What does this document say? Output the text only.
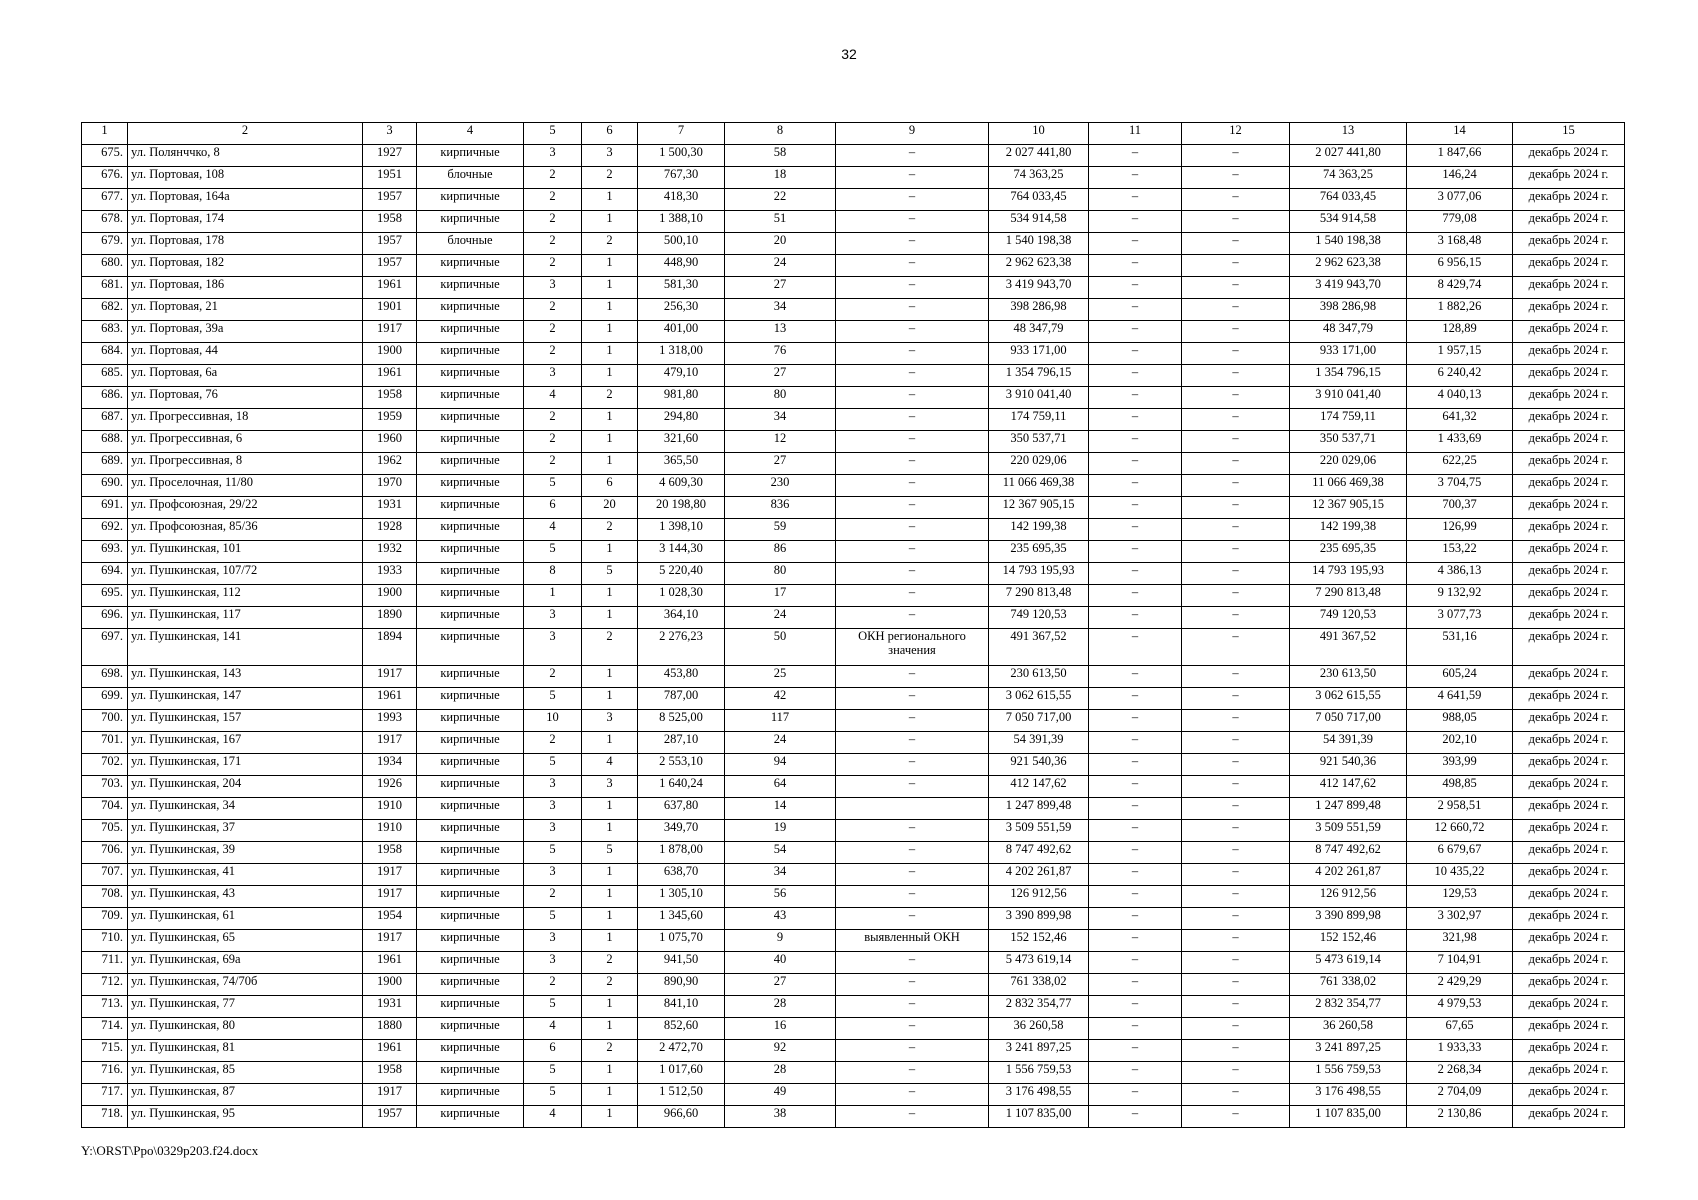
32
1	2	3	4	5	6	7	8	9	10	11	12	13	14	15
675.	ул. Полянччко, 8	1927	кирпичные	3	3	1 500,30	58	–	2 027 441,80	–	–	2 027 441,80	1 847,66	декабрь 2024 г.
676.	ул. Портовая, 108	1951	блочные	2	2	767,30	18	–	74 363,25	–	–	74 363,25	146,24	декабрь 2024 г.
677.	ул. Портовая, 164а	1957	кирпичные	2	1	418,30	22	–	764 033,45	–	–	764 033,45	3 077,06	декабрь 2024 г.
678.	ул. Портовая, 174	1958	кирпичные	2	1	1 388,10	51	–	534 914,58	–	–	534 914,58	779,08	декабрь 2024 г.
679.	ул. Портовая, 178	1957	блочные	2	2	500,10	20	–	1 540 198,38	–	–	1 540 198,38	3 168,48	декабрь 2024 г.
680.	ул. Портовая, 182	1957	кирпичные	2	1	448,90	24	–	2 962 623,38	–	–	2 962 623,38	6 956,15	декабрь 2024 г.
681.	ул. Портовая, 186	1961	кирпичные	3	1	581,30	27	–	3 419 943,70	–	–	3 419 943,70	8 429,74	декабрь 2024 г.
682.	ул. Портовая, 21	1901	кирпичные	2	1	256,30	34	–	398 286,98	–	–	398 286,98	1 882,26	декабрь 2024 г.
683.	ул. Портовая, 39а	1917	кирпичные	2	1	401,00	13	–	48 347,79	–	–	48 347,79	128,89	декабрь 2024 г.
684.	ул. Портовая, 44	1900	кирпичные	2	1	1 318,00	76	–	933 171,00	–	–	933 171,00	1 957,15	декабрь 2024 г.
685.	ул. Портовая, 6а	1961	кирпичные	3	1	479,10	27	–	1 354 796,15	–	–	1 354 796,15	6 240,42	декабрь 2024 г.
686.	ул. Портовая, 76	1958	кирпичные	4	2	981,80	80	–	3 910 041,40	–	–	3 910 041,40	4 040,13	декабрь 2024 г.
687.	ул. Прогрессивная, 18	1959	кирпичные	2	1	294,80	34	–	174 759,11	–	–	174 759,11	641,32	декабрь 2024 г.
688.	ул. Прогрессивная, 6	1960	кирпичные	2	1	321,60	12	–	350 537,71	–	–	350 537,71	1 433,69	декабрь 2024 г.
689.	ул. Прогрессивная, 8	1962	кирпичные	2	1	365,50	27	–	220 029,06	–	–	220 029,06	622,25	декабрь 2024 г.
690.	ул. Проселочная, 11/80	1970	кирпичные	5	6	4 609,30	230	–	11 066 469,38	–	–	11 066 469,38	3 704,75	декабрь 2024 г.
691.	ул. Профсоюзная, 29/22	1931	кирпичные	6	20	20 198,80	836	–	12 367 905,15	–	–	12 367 905,15	700,37	декабрь 2024 г.
692.	ул. Профсоюзная, 85/36	1928	кирпичные	4	2	1 398,10	59	–	142 199,38	–	–	142 199,38	126,99	декабрь 2024 г.
693.	ул. Пушкинская, 101	1932	кирпичные	5	1	3 144,30	86	–	235 695,35	–	–	235 695,35	153,22	декабрь 2024 г.
694.	ул. Пушкинская, 107/72	1933	кирпичные	8	5	5 220,40	80	–	14 793 195,93	–	–	14 793 195,93	4 386,13	декабрь 2024 г.
695.	ул. Пушкинская, 112	1900	кирпичные	1	1	1 028,30	17	–	7 290 813,48	–	–	7 290 813,48	9 132,92	декабрь 2024 г.
696.	ул. Пушкинская, 117	1890	кирпичные	3	1	364,10	24	–	749 120,53	–	–	749 120,53	3 077,73	декабрь 2024 г.
697.	ул. Пушкинская, 141	1894	кирпичные	3	2	2 276,23	50	ОКН регионального значения	491 367,52	–	–	491 367,52	531,16	декабрь 2024 г.
698.	ул. Пушкинская, 143	1917	кирпичные	2	1	453,80	25	–	230 613,50	–	–	230 613,50	605,24	декабрь 2024 г.
699.	ул. Пушкинская, 147	1961	кирпичные	5	1	787,00	42	–	3 062 615,55	–	–	3 062 615,55	4 641,59	декабрь 2024 г.
700.	ул. Пушкинская, 157	1993	кирпичные	10	3	8 525,00	117	–	7 050 717,00	–	–	7 050 717,00	988,05	декабрь 2024 г.
701.	ул. Пушкинская, 167	1917	кирпичные	2	1	287,10	24	–	54 391,39	–	–	54 391,39	202,10	декабрь 2024 г.
702.	ул. Пушкинская, 171	1934	кирпичные	5	4	2 553,10	94	–	921 540,36	–	–	921 540,36	393,99	декабрь 2024 г.
703.	ул. Пушкинская, 204	1926	кирпичные	3	3	1 640,24	64	–	412 147,62	–	–	412 147,62	498,85	декабрь 2024 г.
704.	ул. Пушкинская, 34	1910	кирпичные	3	1	637,80	14		1 247 899,48	–	–	1 247 899,48	2 958,51	декабрь 2024 г.
705.	ул. Пушкинская, 37	1910	кирпичные	3	1	349,70	19	–	3 509 551,59	–	–	3 509 551,59	12 660,72	декабрь 2024 г.
706.	ул. Пушкинская, 39	1958	кирпичные	5	5	1 878,00	54	–	8 747 492,62	–	–	8 747 492,62	6 679,67	декабрь 2024 г.
707.	ул. Пушкинская, 41	1917	кирпичные	3	1	638,70	34	–	4 202 261,87	–	–	4 202 261,87	10 435,22	декабрь 2024 г.
708.	ул. Пушкинская, 43	1917	кирпичные	2	1	1 305,10	56	–	126 912,56	–	–	126 912,56	129,53	декабрь 2024 г.
709.	ул. Пушкинская, 61	1954	кирпичные	5	1	1 345,60	43	–	3 390 899,98	–	–	3 390 899,98	3 302,97	декабрь 2024 г.
710.	ул. Пушкинская, 65	1917	кирпичные	3	1	1 075,70	9	выявленный ОКН	152 152,46	–	–	152 152,46	321,98	декабрь 2024 г.
711.	ул. Пушкинская, 69а	1961	кирпичные	3	2	941,50	40	–	5 473 619,14	–	–	5 473 619,14	7 104,91	декабрь 2024 г.
712.	ул. Пушкинская, 74/70б	1900	кирпичные	2	2	890,90	27	–	761 338,02	–	–	761 338,02	2 429,29	декабрь 2024 г.
713.	ул. Пушкинская, 77	1931	кирпичные	5	1	841,10	28	–	2 832 354,77	–	–	2 832 354,77	4 979,53	декабрь 2024 г.
714.	ул. Пушкинская, 80	1880	кирпичные	4	1	852,60	16	–	36 260,58	–	–	36 260,58	67,65	декабрь 2024 г.
715.	ул. Пушкинская, 81	1961	кирпичные	6	2	2 472,70	92	–	3 241 897,25	–	–	3 241 897,25	1 933,33	декабрь 2024 г.
716.	ул. Пушкинская, 85	1958	кирпичные	5	1	1 017,60	28	–	1 556 759,53	–	–	1 556 759,53	2 268,34	декабрь 2024 г.
717.	ул. Пушкинская, 87	1917	кирпичные	5	1	1 512,50	49	–	3 176 498,55	–	–	3 176 498,55	2 704,09	декабрь 2024 г.
718.	ул. Пушкинская, 95	1957	кирпичные	4	1	966,60	38	–	1 107 835,00	–	–	1 107 835,00	2 130,86	декабрь 2024 г.
Y:\ORST\Ppo\0329p203.f24.docx
